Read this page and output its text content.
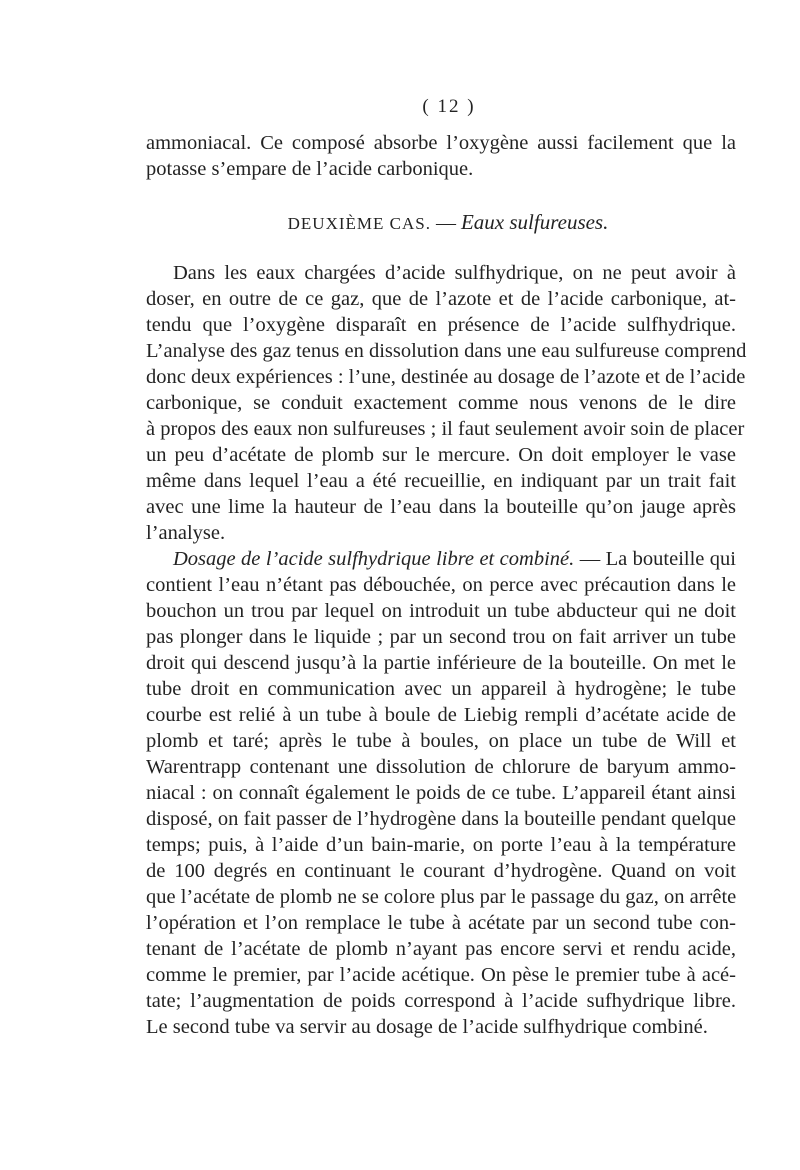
( 12 )
ammoniacal. Ce composé absorbe l’oxygène aussi facilement que la
potasse s’empare de l’acide carbonique.
DEUXIÈME CAS. — Eaux sulfureuses.
Dans les eaux chargées d’acide sulfhydrique, on ne peut avoir à
doser, en outre de ce gaz, que de l’azote et de l’acide carbonique, at-
tendu que l’oxygène disparaît en présence de l’acide sulfhydrique.
L’analyse des gaz tenus en dissolution dans une eau sulfureuse comprend
donc deux expériences : l’une, destinée au dosage de l’azote et de l’acide
carbonique, se conduit exactement comme nous venons de le dire
à propos des eaux non sulfureuses ; il faut seulement avoir soin de placer
un peu d’acétate de plomb sur le mercure. On doit employer le vase
même dans lequel l’eau a été recueillie, en indiquant par un trait fait
avec une lime la hauteur de l’eau dans la bouteille qu’on jauge après
l’analyse.
Dosage de l’acide sulfhydrique libre et combiné. — La bouteille qui
contient l’eau n’étant pas débouchée, on perce avec précaution dans le
bouchon un trou par lequel on introduit un tube abducteur qui ne doit
pas plonger dans le liquide ; par un second trou on fait arriver un tube
droit qui descend jusqu’à la partie inférieure de la bouteille. On met le
tube droit en communication avec un appareil à hydrogène; le tube
courbe est relié à un tube à boule de Liebig rempli d’acétate acide de
plomb et taré; après le tube à boules, on place un tube de Will et
Warentrapp contenant une dissolution de chlorure de baryum ammo-
niacal : on connaît également le poids de ce tube. L’appareil étant ainsi
disposé, on fait passer de l’hydrogène dans la bouteille pendant quelque
temps; puis, à l’aide d’un bain-marie, on porte l’eau à la température
de 100 degrés en continuant le courant d’hydrogène. Quand on voit
que l’acétate de plomb ne se colore plus par le passage du gaz, on arrête
l’opération et l’on remplace le tube à acétate par un second tube con-
tenant de l’acétate de plomb n’ayant pas encore servi et rendu acide,
comme le premier, par l’acide acétique. On pèse le premier tube à acé-
tate; l’augmentation de poids correspond à l’acide sufhydrique libre.
Le second tube va servir au dosage de l’acide sulfhydrique combiné.
